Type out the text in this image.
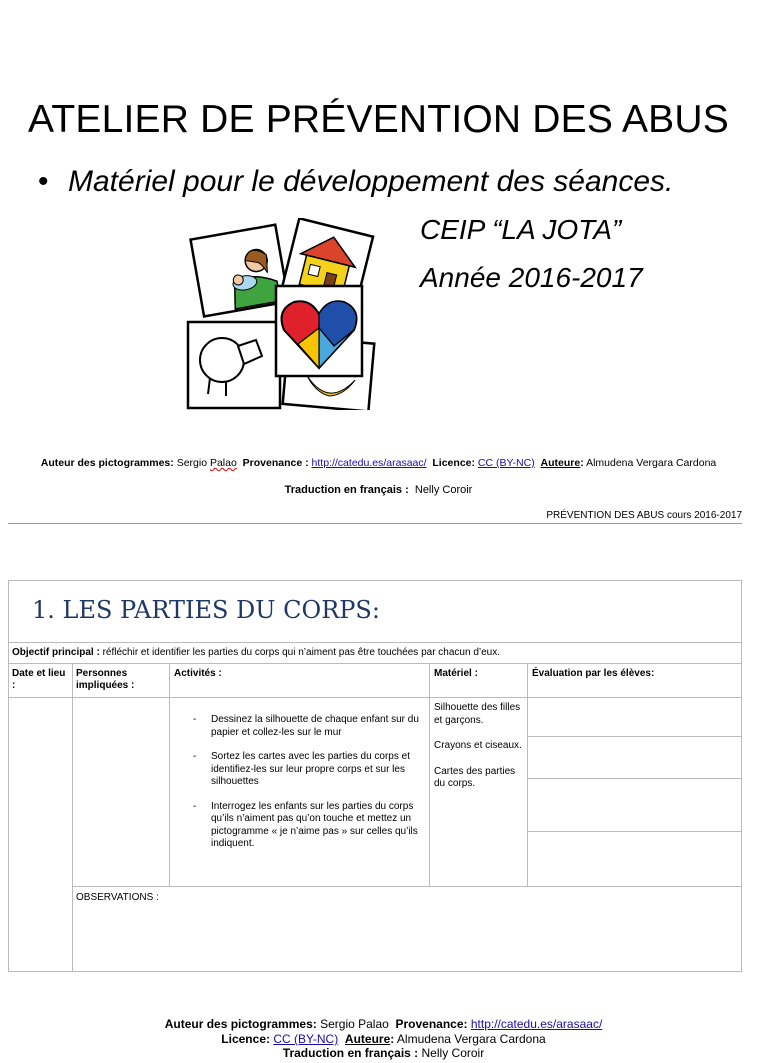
ATELIER DE PRÉVENTION DES ABUS
• Matériel pour le développement des séances.
CEIP “LA JOTA”
Année 2016-2017
Auteur des pictogrammes: Sergio Palao Provenance : http://catedu.es/arasaac/ Licence: CC (BY-NC) Auteure: Almudena Vergara Cardona
Traduction en français : Nelly Coroir
PRÉVENTION DES ABUS cours 2016-2017
1. LES PARTIES DU CORPS:
Objectif principal : réfléchir et identifier les parties du corps qui n’aiment pas être touchées par chacun d’eux.
Date et lieu :
Personnes impliquées :
Activités :	Matériel :	Évaluation par les élèves:
- Dessinez la silhouette de chaque enfant sur du papier et collez-les sur le mur
- Sortez les cartes avec les parties du corps et identifiez-les sur leur propre corps et sur les silhouettes
- Interrogez les enfants sur les parties du corps qu’ils n’aiment pas qu’on touche et mettez un pictogramme « je n’aime pas » sur celles qu’ils indiquent.

Silhouette des filles et garçons.

Crayons et ciseaux.

Cartes des parties du corps.

OBSERVATIONS :
Auteur des pictogrammes: Sergio Palao Provenance: http://catedu.es/arasaac/
Licence: CC (BY-NC) Auteure: Almudena Vergara Cardona
Traduction en français : Nelly Coroir
